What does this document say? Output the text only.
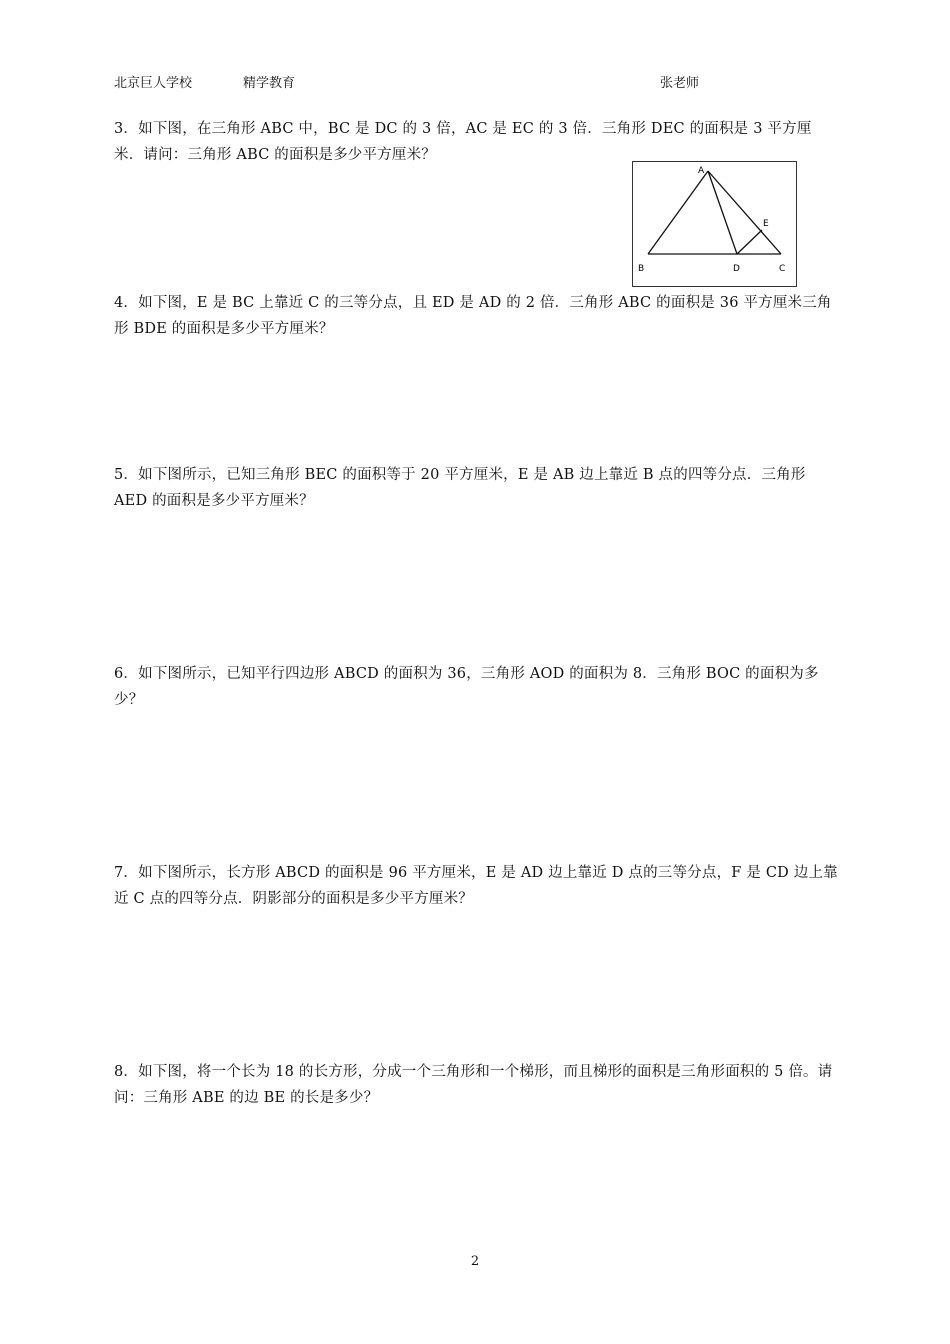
北京巨人学校	精学教育	张老师
3．如下图，在三角形 ABC 中，BC 是 DC 的 3 倍，AC 是 EC 的 3 倍．三角形 DEC 的面积是 3 平方厘米．请问：三角形 ABC 的面积是多少平方厘米？
A
E
B	D	C
4．如下图，E 是 BC 上靠近 C 的三等分点，且 ED 是 AD 的 2 倍．三角形 ABC 的面积是 36 平方厘米三角形 BDE 的面积是多少平方厘米？
5．如下图所示，已知三角形 BEC 的面积等于 20 平方厘米，E 是 AB 边上靠近 B 点的四等分点．三角形 AED 的面积是多少平方厘米？
6．如下图所示，已知平行四边形 ABCD 的面积为 36，三角形 AOD 的面积为 8．三角形 BOC 的面积为多少？
7．如下图所示，长方形 ABCD 的面积是 96 平方厘米，E 是 AD 边上靠近 D 点的三等分点，F 是 CD 边上靠近 C 点的四等分点．阴影部分的面积是多少平方厘米？
8．如下图，将一个长为 18 的长方形，分成一个三角形和一个梯形，而且梯形的面积是三角形面积的 5 倍。请问：三角形 ABE 的边 BE 的长是多少？
2
